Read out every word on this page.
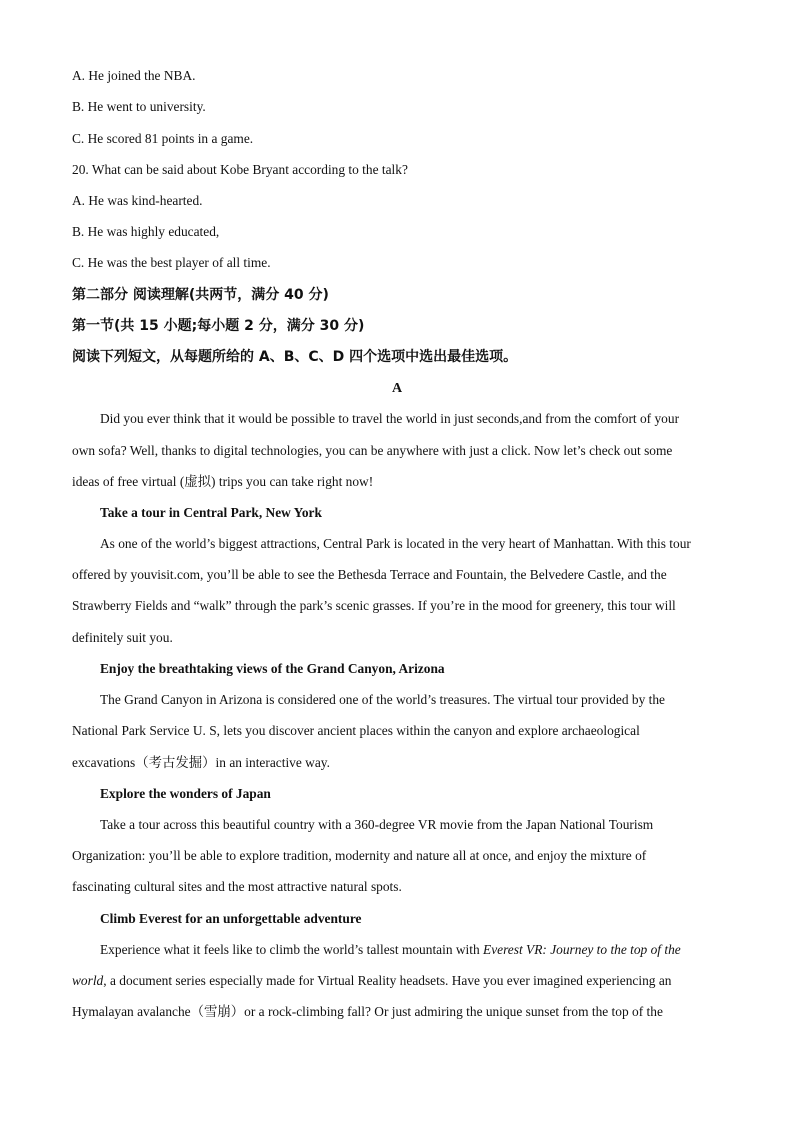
A. He joined the NBA.
B. He went to university.
C. He scored 81 points in a game.
20. What can be said about Kobe Bryant according to the talk?
A. He was kind-hearted.
B. He was highly educated,
C. He was the best player of all time.
第二部分 阅读理解(共两节，满分 40 分)
第一节(共 15 小题;每小题 2 分，满分 30 分)
阅读下列短文，从每题所给的 A、B、C、D 四个选项中选出最佳选项。
A
Did you ever think that it would be possible to travel the world in just seconds,and from the comfort of your
own sofa? Well, thanks to digital technologies, you can be anywhere with just a click. Now let’s check out some
ideas of free virtual (虚拟) trips you can take right now!
Take a tour in Central Park, New York
As one of the world’s biggest attractions, Central Park is located in the very heart of Manhattan. With this tour
offered by youvisit.com, you’ll be able to see the Bethesda Terrace and Fountain, the Belvedere Castle, and the
Strawberry Fields and “walk” through the park’s scenic grasses. If you’re in the mood for greenery, this tour will
definitely suit you.
Enjoy the breathtaking views of the Grand Canyon, Arizona
The Grand Canyon in Arizona is considered one of the world’s treasures. The virtual tour provided by the
National Park Service U. S, lets you discover ancient places within the canyon and explore archaeological
excavations（考古发掘）in an interactive way.
Explore the wonders of Japan
Take a tour across this beautiful country with a 360-degree VR movie from the Japan National Tourism
Organization: you’ll be able to explore tradition, modernity and nature all at once, and enjoy the mixture of
fascinating cultural sites and the most attractive natural spots.
Climb Everest for an unforgettable adventure
Experience what it feels like to climb the world’s tallest mountain with Everest VR: Journey to the top of the
world, a document series especially made for Virtual Reality headsets. Have you ever imagined experiencing an
Hymalayan avalanche（雪崩）or a rock-climbing fall? Or just admiring the unique sunset from the top of the
